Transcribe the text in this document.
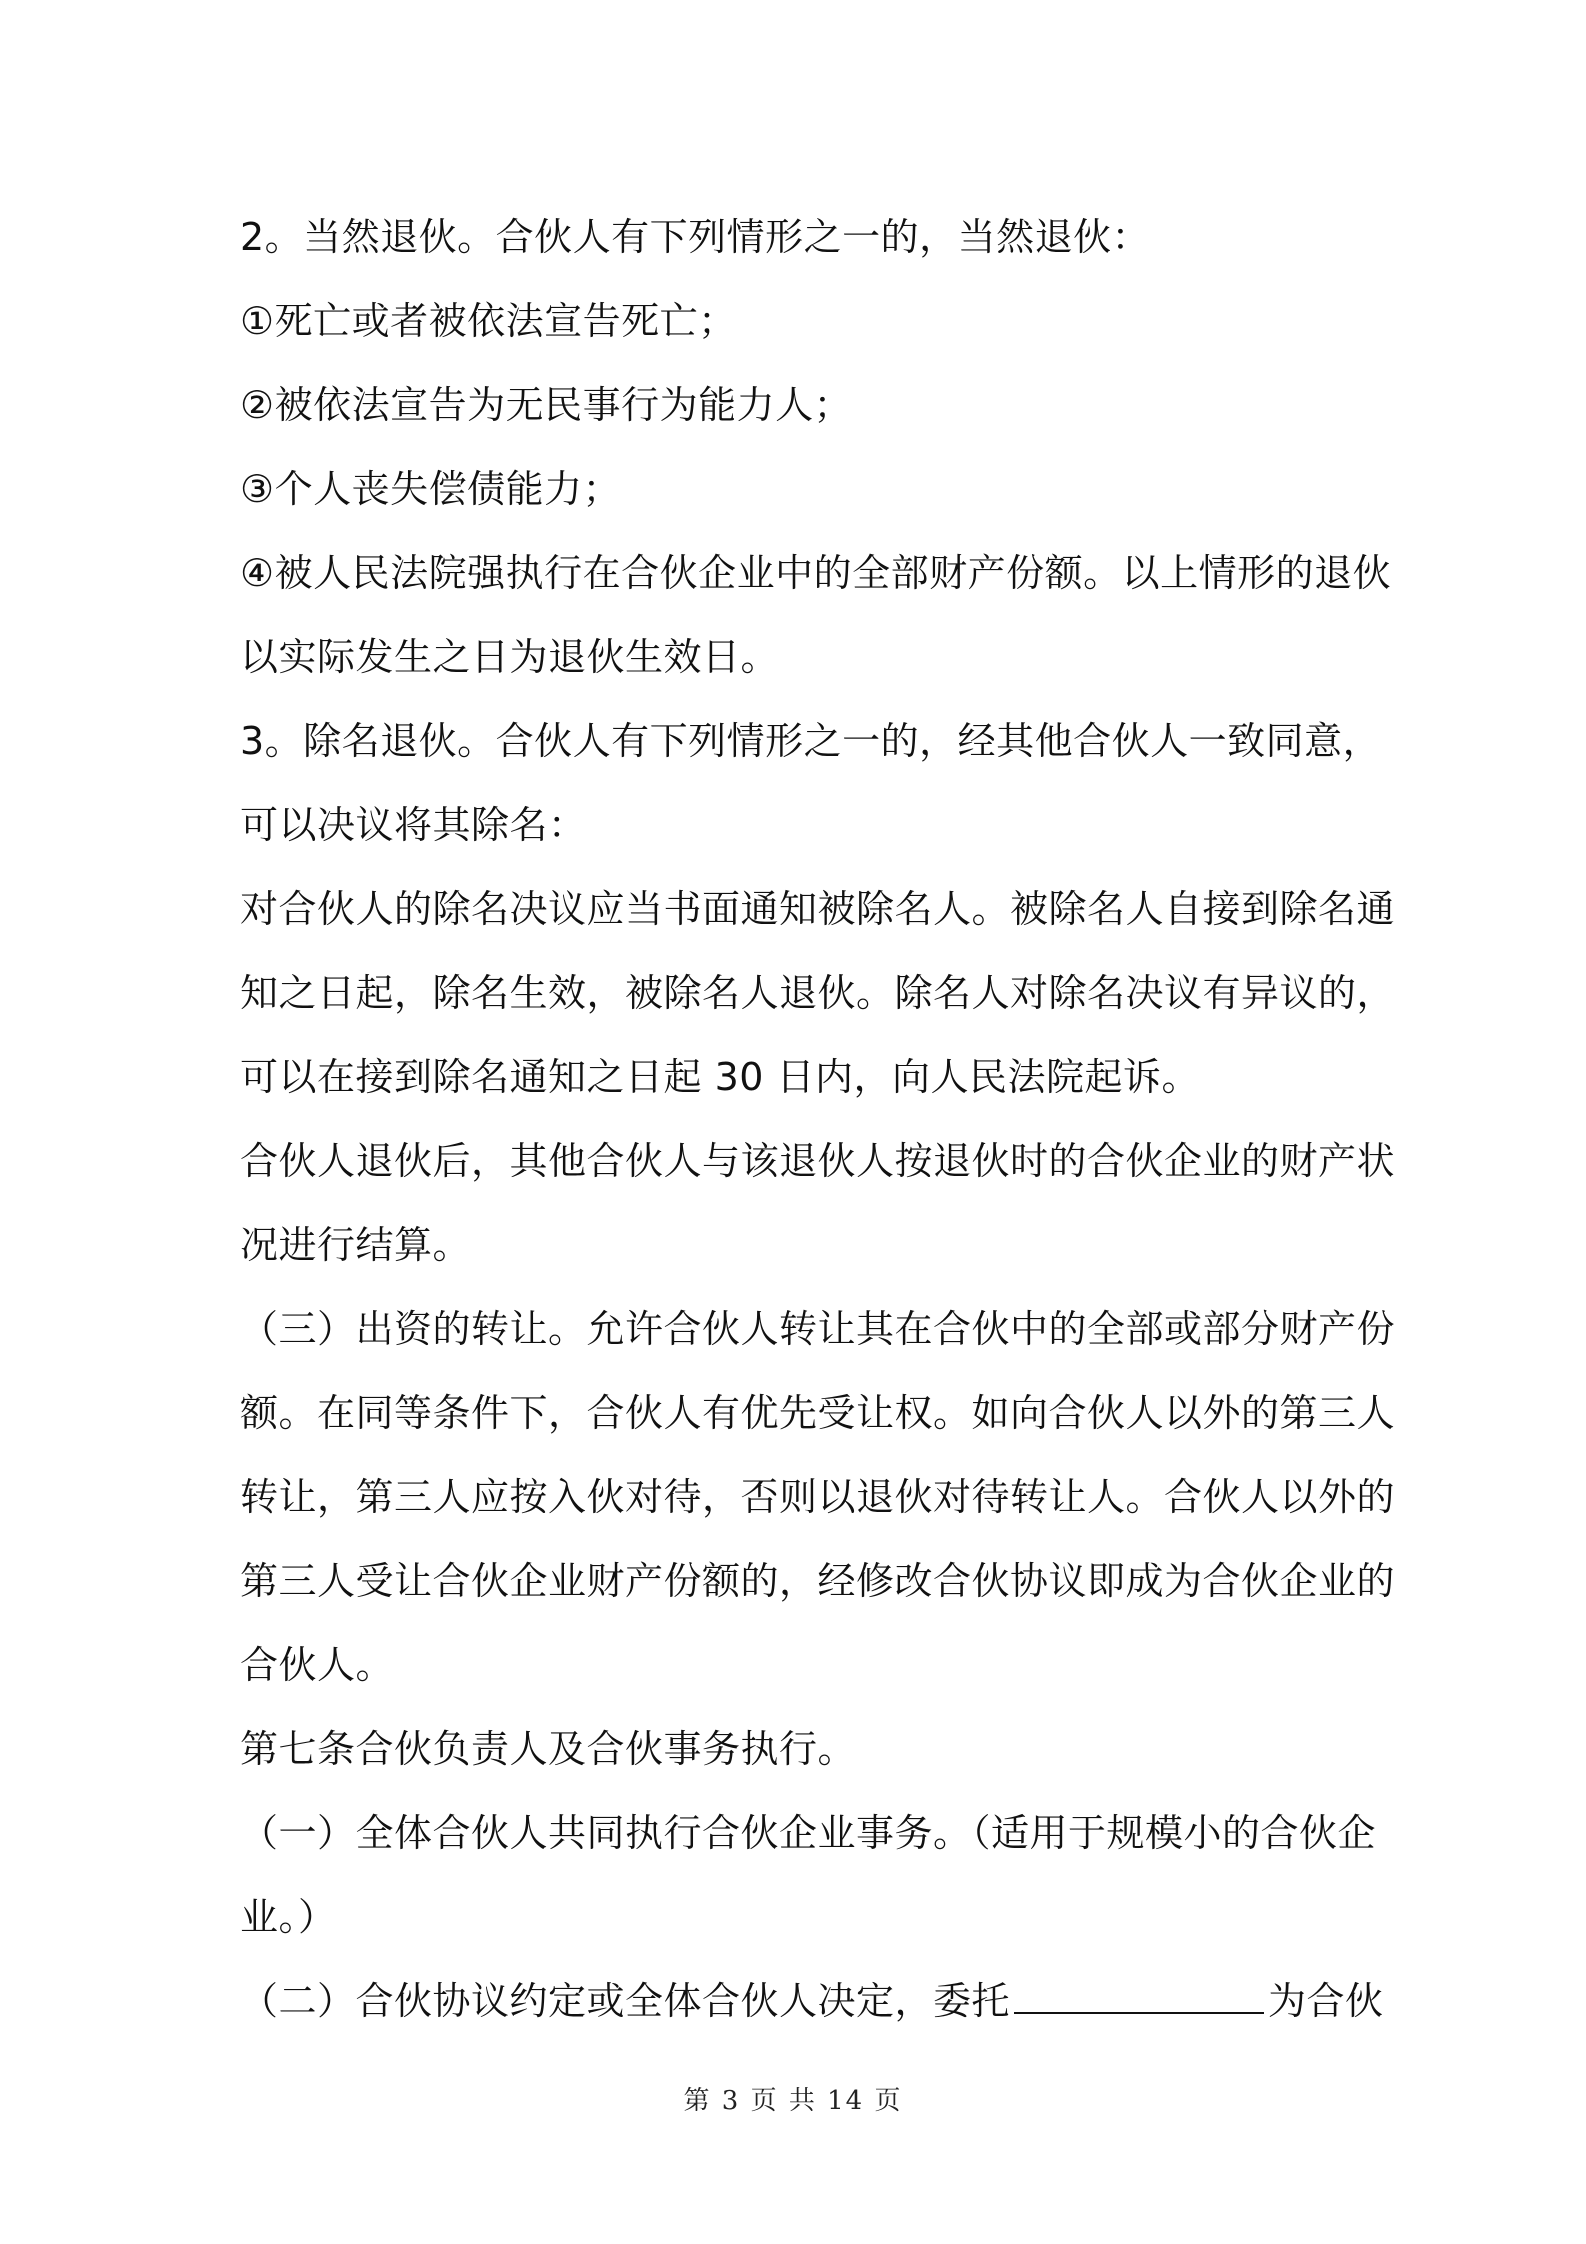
2。当然退伙。合伙人有下列情形之一的，当然退伙：
①死亡或者被依法宣告死亡；
②被依法宣告为无民事行为能力人；
③个人丧失偿债能力；
④被人民法院强执行在合伙企业中的全部财产份额。以上情形的退伙
以实际发生之日为退伙生效日。
3。除名退伙。合伙人有下列情形之一的，经其他合伙人一致同意，
可以决议将其除名：
对合伙人的除名决议应当书面通知被除名人。被除名人自接到除名通
知之日起，除名生效，被除名人退伙。除名人对除名决议有异议的，
可以在接到除名通知之日起 30 日内，向人民法院起诉。
合伙人退伙后，其他合伙人与该退伙人按退伙时的合伙企业的财产状
况进行结算。
（三）出资的转让。允许合伙人转让其在合伙中的全部或部分财产份
额。在同等条件下，合伙人有优先受让权。如向合伙人以外的第三人
转让，第三人应按入伙对待，否则以退伙对待转让人。合伙人以外的
第三人受让合伙企业财产份额的，经修改合伙协议即成为合伙企业的
合伙人。
第七条合伙负责人及合伙事务执行。
（一）全体合伙人共同执行合伙企业事务。（适用于规模小的合伙企
业。）
（二）合伙协议约定或全体合伙人决定，委托	为合伙
第 3 页 共 14 页
